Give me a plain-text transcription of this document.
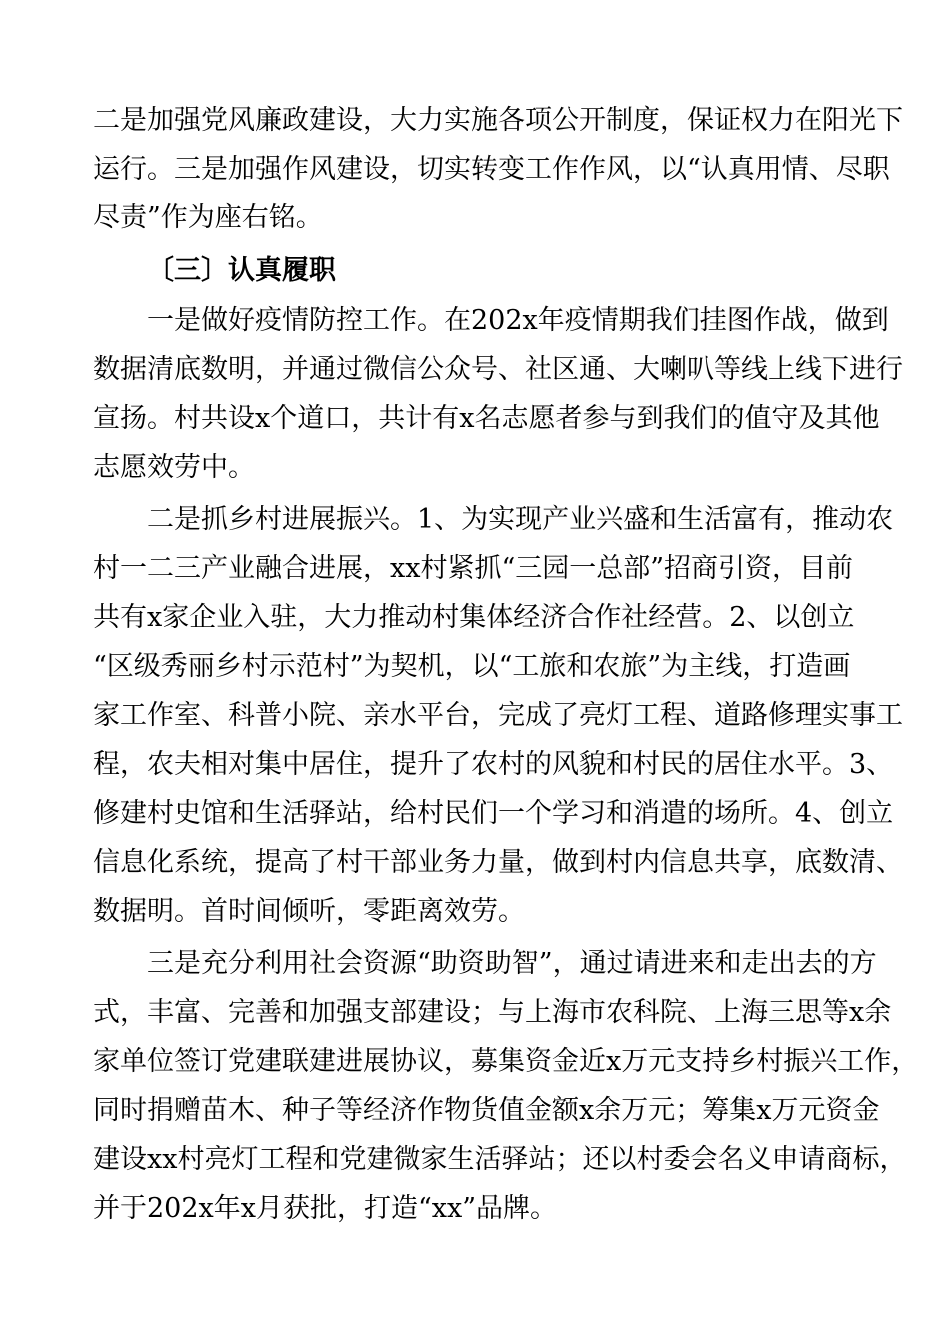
二是加强党风廉政建设，大力实施各项公开制度，保证权力在阳光下

运行。三是加强作风建设，切实转变工作作风，以“认真用情、尽职

尽责”作为座右铭。

〔三〕认真履职

一是做好疫情防控工作。在202x年疫情期我们挂图作战，做到

数据清底数明，并通过微信公众号、社区通、大喇叭等线上线下进行

宣扬。村共设x个道口，共计有x名志愿者参与到我们的值守及其他

志愿效劳中。

二是抓乡村进展振兴。1、为实现产业兴盛和生活富有，推动农

村一二三产业融合进展，xx村紧抓“三园一总部”招商引资，目前

共有x家企业入驻，大力推动村集体经济合作社经营。2、以创立

“区级秀丽乡村示范村”为契机，以“工旅和农旅”为主线，打造画

家工作室、科普小院、亲水平台，完成了亮灯工程、道路修理实事工

程，农夫相对集中居住，提升了农村的风貌和村民的居住水平。3、

修建村史馆和生活驿站，给村民们一个学习和消遣的场所。4、创立

信息化系统，提高了村干部业务力量，做到村内信息共享，底数清、

数据明。首时间倾听，零距离效劳。

三是充分利用社会资源“助资助智”，通过请进来和走出去的方

式，丰富、完善和加强支部建设；与上海市农科院、上海三思等x余

家单位签订党建联建进展协议，募集资金近x万元支持乡村振兴工作，

同时捐赠苗木、种子等经济作物货值金额x余万元；筹集x万元资金

建设xx村亮灯工程和党建微家生活驿站；还以村委会名义申请商标，

并于202x年x月获批，打造“xx”品牌。
